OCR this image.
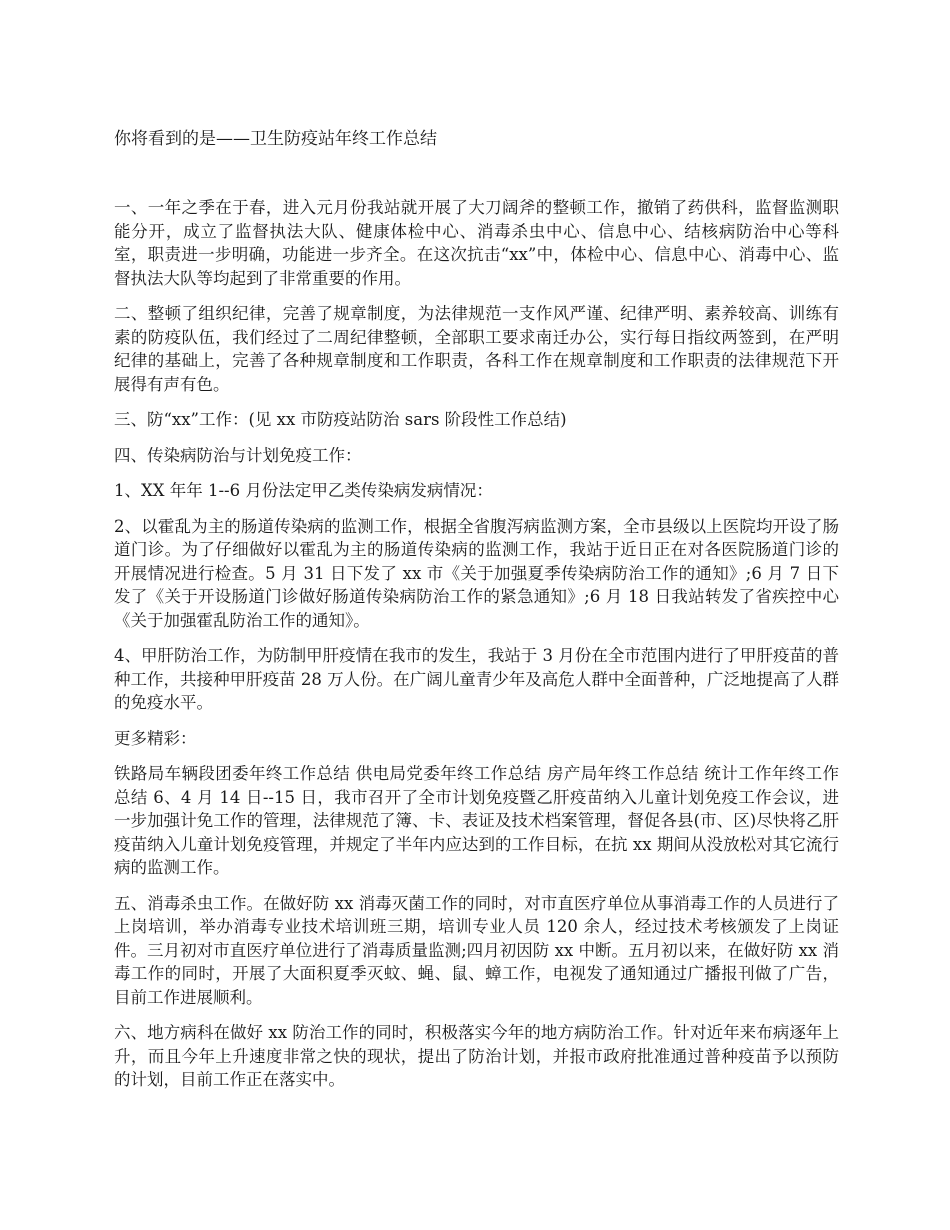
你将看到的是——卫生防疫站年终工作总结

一、一年之季在于春，进入元月份我站就开展了大刀阔斧的整顿工作，撤销了药供科，监督监测职能分开，成立了监督执法大队、健康体检中心、消毒杀虫中心、信息中心、结核病防治中心等科室，职责进一步明确，功能进一步齐全。在这次抗击“xx”中，体检中心、信息中心、消毒中心、监督执法大队等均起到了非常重要的作用。

二、整顿了组织纪律，完善了规章制度，为法律规范一支作风严谨、纪律严明、素养较高、训练有素的防疫队伍，我们经过了二周纪律整顿，全部职工要求南迁办公，实行每日指纹两签到，在严明纪律的基础上，完善了各种规章制度和工作职责，各科工作在规章制度和工作职责的法律规范下开展得有声有色。

三、防“xx”工作：(见 xx 市防疫站防治 sars 阶段性工作总结)

四、传染病防治与计划免疫工作：

1、XX 年年 1--6 月份法定甲乙类传染病发病情况：

2、以霍乱为主的肠道传染病的监测工作，根据全省腹泻病监测方案，全市县级以上医院均开设了肠道门诊。为了仔细做好以霍乱为主的肠道传染病的监测工作，我站于近日正在对各医院肠道门诊的开展情况进行检查。5 月 31 日下发了 xx 市《关于加强夏季传染病防治工作的通知》;6 月 7 日下发了《关于开设肠道门诊做好肠道传染病防治工作的紧急通知》;6 月 18 日我站转发了省疾控中心《关于加强霍乱防治工作的通知》。

4、甲肝防治工作，为防制甲肝疫情在我市的发生，我站于 3 月份在全市范围内进行了甲肝疫苗的普种工作，共接种甲肝疫苗 28 万人份。在广阔儿童青少年及高危人群中全面普种，广泛地提高了人群的免疫水平。

更多精彩：

铁路局车辆段团委年终工作总结 供电局党委年终工作总结 房产局年终工作总结 统计工作年终工作总结 6、4 月 14 日--15 日，我市召开了全市计划免疫暨乙肝疫苗纳入儿童计划免疫工作会议，进一步加强计免工作的管理，法律规范了簿、卡、表证及技术档案管理，督促各县(市、区)尽快将乙肝疫苗纳入儿童计划免疫管理，并规定了半年内应达到的工作目标，在抗 xx 期间从没放松对其它流行病的监测工作。

五、消毒杀虫工作。在做好防 xx 消毒灭菌工作的同时，对市直医疗单位从事消毒工作的人员进行了上岗培训，举办消毒专业技术培训班三期，培训专业人员 120 余人，经过技术考核颁发了上岗证件。三月初对市直医疗单位进行了消毒质量监测;四月初因防 xx 中断。五月初以来，在做好防 xx 消毒工作的同时，开展了大面积夏季灭蚊、蝇、鼠、蟑工作，电视发了通知通过广播报刊做了广告，目前工作进展顺利。

六、地方病科在做好 xx 防治工作的同时，积极落实今年的地方病防治工作。针对近年来布病逐年上升，而且今年上升速度非常之快的现状，提出了防治计划，并报市政府批准通过普种疫苗予以预防的计划，目前工作正在落实中。
